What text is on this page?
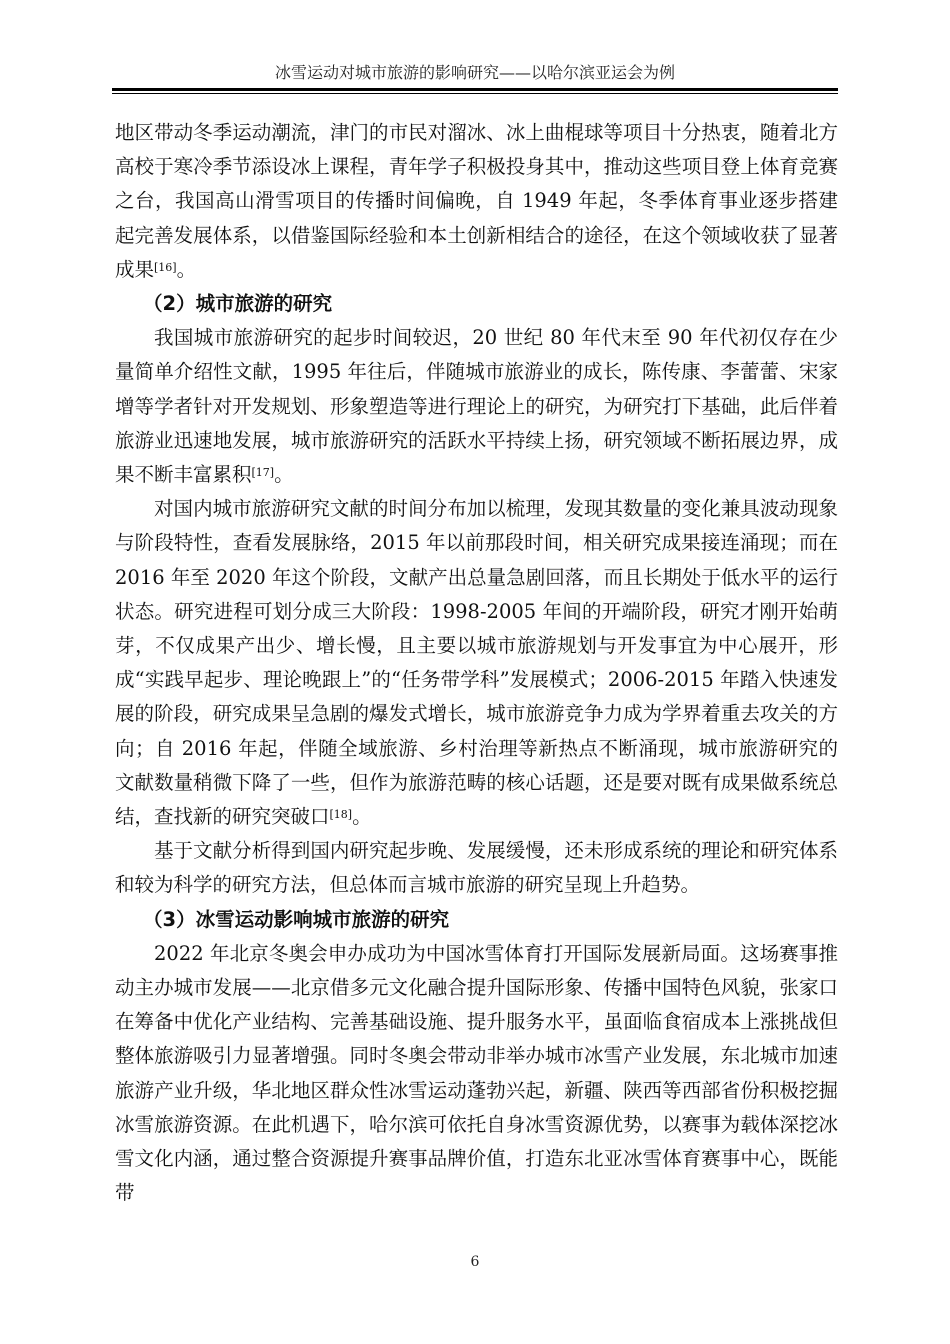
冰雪运动对城市旅游的影响研究——以哈尔滨亚运会为例

地区带动冬季运动潮流，津门的市民对溜冰、冰上曲棍球等项目十分热衷，随着北方高校于寒冷季节添设冰上课程，青年学子积极投身其中，推动这些项目登上体育竞赛之台，我国高山滑雪项目的传播时间偏晚，自 1949 年起，冬季体育事业逐步搭建起完善发展体系，以借鉴国际经验和本土创新相结合的途径，在这个领域收获了显著成果[16]。

（2）城市旅游的研究

我国城市旅游研究的起步时间较迟，20 世纪 80 年代末至 90 年代初仅存在少量简单介绍性文献，1995 年往后，伴随城市旅游业的成长，陈传康、李蕾蕾、宋家增等学者针对开发规划、形象塑造等进行理论上的研究，为研究打下基础，此后伴着旅游业迅速地发展，城市旅游研究的活跃水平持续上扬，研究领域不断拓展边界，成果不断丰富累积[17]。

对国内城市旅游研究文献的时间分布加以梳理，发现其数量的变化兼具波动现象与阶段特性，查看发展脉络，2015 年以前那段时间，相关研究成果接连涌现；而在 2016 年至 2020 年这个阶段，文献产出总量急剧回落，而且长期处于低水平的运行状态。研究进程可划分成三大阶段：1998-2005 年间的开端阶段，研究才刚开始萌芽，不仅成果产出少、增长慢，且主要以城市旅游规划与开发事宜为中心展开，形成“实践早起步、理论晚跟上”的“任务带学科”发展模式；2006-2015 年踏入快速发展的阶段，研究成果呈急剧的爆发式增长，城市旅游竞争力成为学界着重去攻关的方向；自 2016 年起，伴随全域旅游、乡村治理等新热点不断涌现，城市旅游研究的文献数量稍微下降了一些，但作为旅游范畴的核心话题，还是要对既有成果做系统总结，查找新的研究突破口[18]。

基于文献分析得到国内研究起步晚、发展缓慢，还未形成系统的理论和研究体系和较为科学的研究方法，但总体而言城市旅游的研究呈现上升趋势。

（3）冰雪运动影响城市旅游的研究

2022 年北京冬奥会申办成功为中国冰雪体育打开国际发展新局面。这场赛事推动主办城市发展——北京借多元文化融合提升国际形象、传播中国特色风貌，张家口在筹备中优化产业结构、完善基础设施、提升服务水平，虽面临食宿成本上涨挑战但整体旅游吸引力显著增强。同时冬奥会带动非举办城市冰雪产业发展，东北城市加速旅游产业升级，华北地区群众性冰雪运动蓬勃兴起，新疆、陕西等西部省份积极挖掘冰雪旅游资源。在此机遇下，哈尔滨可依托自身冰雪资源优势，以赛事为载体深挖冰雪文化内涵，通过整合资源提升赛事品牌价值，打造东北亚冰雪体育赛事中心，既能带

6
